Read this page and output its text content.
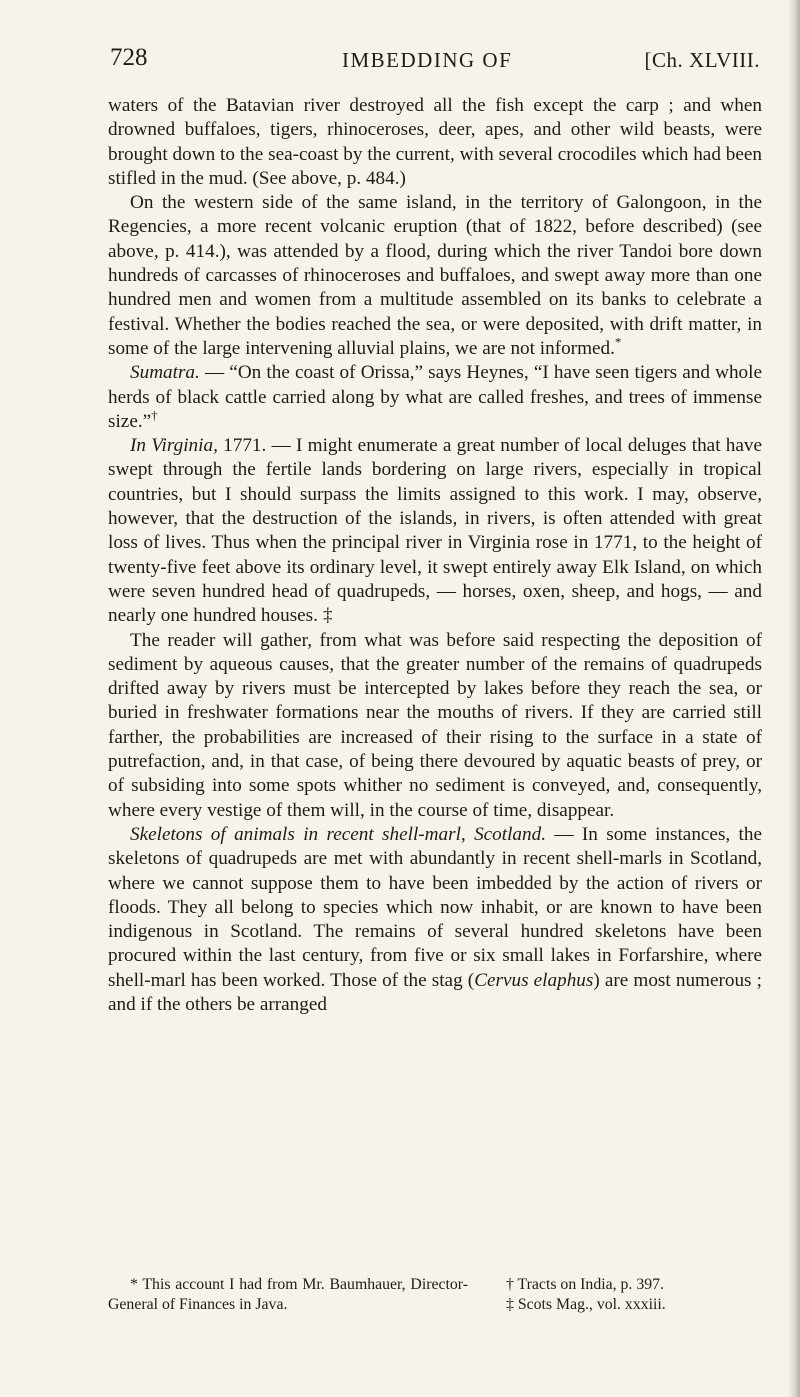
728	IMBEDDING OF	[Ch. XLVIII.

waters of the Batavian river destroyed all the fish except the carp ; and when drowned buffaloes, tigers, rhinoceroses, deer, apes, and other wild beasts, were brought down to the sea-coast by the current, with several crocodiles which had been stifled in the mud. (See above, p. 484.)

On the western side of the same island, in the territory of Galongoon, in the Regencies, a more recent volcanic eruption (that of 1822, before described) (see above, p. 414.), was attended by a flood, during which the river Tandoi bore down hundreds of carcasses of rhinoceroses and buffaloes, and swept away more than one hundred men and women from a multitude assembled on its banks to celebrate a festival. Whether the bodies reached the sea, or were deposited, with drift matter, in some of the large intervening alluvial plains, we are not informed.*

Sumatra. — “On the coast of Orissa,” says Heynes, “I have seen tigers and whole herds of black cattle carried along by what are called freshes, and trees of immense size.”†

In Virginia, 1771. — I might enumerate a great number of local deluges that have swept through the fertile lands bordering on large rivers, especially in tropical countries, but I should surpass the limits assigned to this work. I may, observe, however, that the destruction of the islands, in rivers, is often attended with great loss of lives. Thus when the principal river in Virginia rose in 1771, to the height of twenty-five feet above its ordinary level, it swept entirely away Elk Island, on which were seven hundred head of quadrupeds, — horses, oxen, sheep, and hogs, — and nearly one hundred houses. ‡

The reader will gather, from what was before said respecting the deposition of sediment by aqueous causes, that the greater number of the remains of quadrupeds drifted away by rivers must be intercepted by lakes before they reach the sea, or buried in freshwater formations near the mouths of rivers. If they are carried still farther, the probabilities are increased of their rising to the surface in a state of putrefaction, and, in that case, of being there devoured by aquatic beasts of prey, or of subsiding into some spots whither no sediment is conveyed, and, consequently, where every vestige of them will, in the course of time, disappear.

Skeletons of animals in recent shell-marl, Scotland. — In some instances, the skeletons of quadrupeds are met with abundantly in recent shell-marls in Scotland, where we cannot suppose them to have been imbedded by the action of rivers or floods. They all belong to species which now inhabit, or are known to have been indigenous in Scotland. The remains of several hundred skeletons have been procured within the last century, from five or six small lakes in Forfarshire, where shell-marl has been worked. Those of the stag (Cervus elaphus) are most numerous ; and if the others be arranged

* This account I had from Mr. Baumhauer, Director-General of Finances in Java.
† Tracts on India, p. 397.
‡ Scots Mag., vol. xxxiii.
